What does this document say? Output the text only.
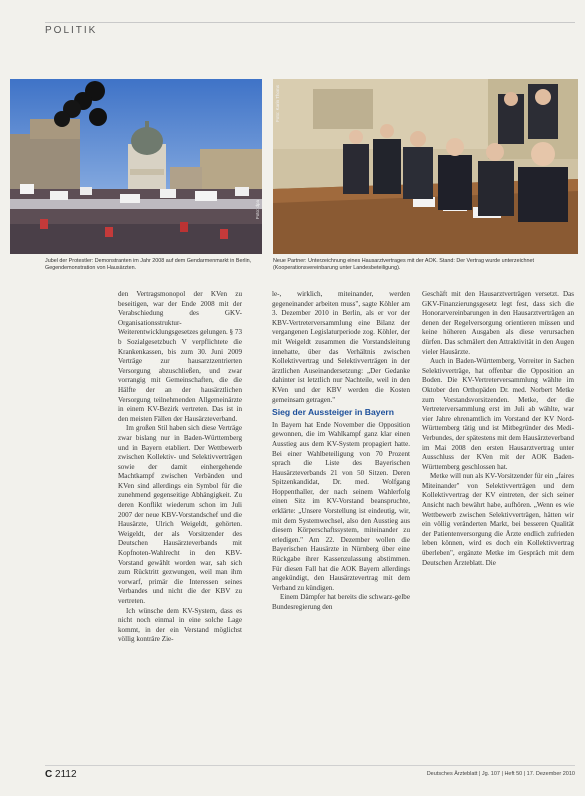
POLITIK
Foto: dpa
Foto: Karin Thoms
Jubel der Protestler: Demonstranten im Jahr 2008 auf dem Gendarmenmarkt in Berlin, Gegendemonstration von Hausärzten.
Neue Partner: Unterzeichnung eines Hausarztvertrages mit der AOK. Stand: Der Vertrag wurde unterzeichnet (Kooperationsvereinbarung unter Landesbeteiligung).

den Vertragsmonopol der KVen zu beseitigen, war der Ende 2008 mit der Verabschiedung des GKV-Organisationsstruktur-Weiterentwicklungsgesetzes gelungen. § 73 b Sozialgesetzbuch V verpflichtete die Krankenkassen, bis zum 30. Juni 2009 Verträge zur hausarztzentrierten Versorgung abzuschließen, und zwar vorrangig mit Gemeinschaften, die die Hälfte der an der hausärztlichen Versorgung teilnehmenden Allgemeinärzte in einem KV-Bezirk vertreten. Das ist in den meisten Fällen der Hausärzteverband.

Im großen Stil haben sich diese Verträge zwar bislang nur in Baden-Württemberg und in Bayern etabliert. Der Wettbewerb zwischen Kollektiv- und Selektivverträgen sowie der damit einhergehende Machtkampf zwischen Verbänden und KVen sind allerdings ein Symbol für die zunehmend gegenseitige Abhängigkeit. Zu deren Konflikt wiederum schon im Juli 2007 der neue KBV-Vorstandschef und die Hausärzte, Ulrich Weigeldt, gehörten. Weigeldt, der als Vorsitzender des Deutschen Hausärzteverbands mit Kopfnoten-Wahlrecht in den KBV-Vorstand gewählt worden war, sah sich zum Rücktritt gezwungen, weil man ihm vorwarf, primär die Interessen seines Verbandes und nicht die der KBV zu vertreten.

Ich wünsche dem KV-System, dass es nicht noch einmal in eine solche Lage kommt, in der ein Verstand möglichst völlig konträre Zie-

le-, wirklich, miteinander, werden gegeneinander arbeiten muss", sagte Köhler am 3. Dezember 2010 in Berlin, als er vor der KBV-Vertreterversammlung eine Bilanz der vergangenen Legislaturperiode zog. Köhler, der mit Weigeldt zusammen die Vorstandsleitung innehatte, über das Verhältnis zwischen Kollektivvertrag und Selektivverträgen in der ärztlichen Auseinandersetzung: „Der Gedanke dahinter ist letztlich nur Nachteile, weil in den KVen und der KBV werden die Kosten gemeinsam getragen."

Sieg der Aussteiger in Bayern

In Bayern hat Ende November die Opposition gewonnen, die im Wahlkampf ganz klar einen Ausstieg aus dem KV-System propagiert hatte. Bei einer Wahlbeteiligung von 70 Prozent sprach die Liste des Bayerischen Hausärzteverbands 21 von 50 Sitzen. Deren Spitzenkandidat, Dr. med. Wolfgang Hoppenthaller, der nach seinem Wahlerfolg einen Sitz im KV-Vorstand beanspruchte, erklärte: „Unsere Vorstellung ist eindeutig, wir, mit dem Systemwechsel, also den Ausstieg aus diesem Körperschaftssystem, miteinander zu erledigen." Am 22. Dezember wollen die Bayerischen Hausärzte in Nürnberg über eine Rückgabe ihrer Kassenzulassung abstimmen. Für diesen Fall hat die AOK Bayern allerdings angekündigt, den Hausärztevertrag mit dem Verband zu kündigen.

Einem Dämpfer hat bereits die schwarz-gelbe Bundesregierung den

Geschäft mit den Hausarztverträgen versetzt. Das GKV-Finanzierungsgesetz legt fest, dass sich die Honorarvereinbarungen in den Hausarztverträgen an denen der Regelversorgung orientieren müssen und keine höheren Ausgaben als diese verursachen dürfen. Das schmälert den Attraktivität in den Augen vieler Hausärzte.

Auch in Baden-Württemberg, Vorreiter in Sachen Selektivverträge, hat offenbar die Opposition an Boden. Die KV-Vertreterversammlung wählte im Oktober den Orthopäden Dr. med. Norbert Metke zum Vorstandsvorsitzenden. Metke, der die Vertreterversammlung erst im Juli ab wählte, war vier Jahre ehrenamtlich im Vorstand der KV Nord-Württemberg tätig und ist Mitbegründer des Medi-Verbundes, der spätestens mit dem Hausärzteverband im Mai 2008 den ersten Hausarztvertrag unter Ausschluss der KVen mit der AOK Baden-Württemberg geschlossen hat.

Metke will nun als KV-Vorsitzender für ein „faires Miteinander" von Selektivverträgen und dem Kollektivvertrag der KV eintreten, der sich seiner Ansicht nach bewährt habe, aufhören. „Wenn es wie Wettbewerb zwischen Selektivverträgen, hätten wir ein völlig veränderten Markt, bei besseren Qualität der Patientenversorgung die Ärzte endlich zufrieden leben können, wird es doch ein Kollektivvertrag überleben", ergänzte Metke im Gespräch mit dem Deutschen Ärzteblatt. Die

C 2112	Deutsches Ärzteblatt | Jg. 107 | Heft 50 | 17. Dezember 2010
